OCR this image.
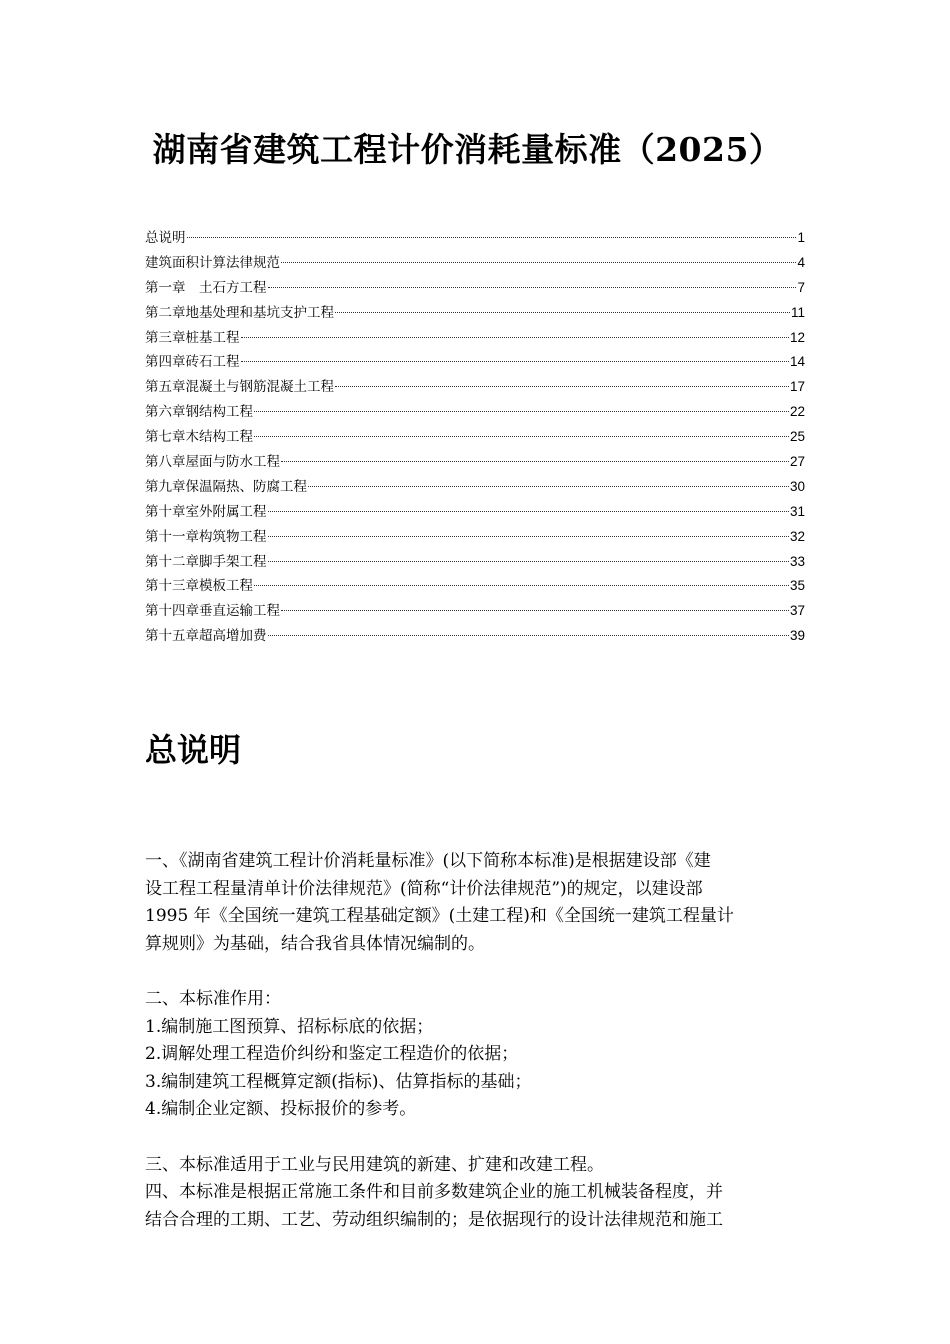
湖南省建筑工程计价消耗量标准（2025）
总说明	1
建筑面积计算法律规范	4
第一章　土石方工程	7
第二章地基处理和基坑支护工程	11
第三章桩基工程	12
第四章砖石工程	14
第五章混凝土与钢筋混凝土工程	17
第六章钢结构工程	22
第七章木结构工程	25
第八章屋面与防水工程	27
第九章保温隔热、防腐工程	30
第十章室外附属工程	31
第十一章构筑物工程	32
第十二章脚手架工程	33
第十三章模板工程	35
第十四章垂直运输工程	37
第十五章超高增加费	39
总说明

一、《湖南省建筑工程计价消耗量标准》(以下简称本标准)是根据建设部《建

设工程工程量清单计价法律规范》(简称“计价法律规范”)的规定，以建设部

1995 年《全国统一建筑工程基础定额》(土建工程)和《全国统一建筑工程量计

算规则》为基础，结合我省具体情况编制的。

二、本标准作用：

1.编制施工图预算、招标标底的依据；

2.调解处理工程造价纠纷和鉴定工程造价的依据；

3.编制建筑工程概算定额(指标)、估算指标的基础；

4.编制企业定额、投标报价的参考。

三、本标准适用于工业与民用建筑的新建、扩建和改建工程。

四、本标准是根据正常施工条件和目前多数建筑企业的施工机械装备程度，并

结合合理的工期、工艺、劳动组织编制的；是依据现行的设计法律规范和施工
